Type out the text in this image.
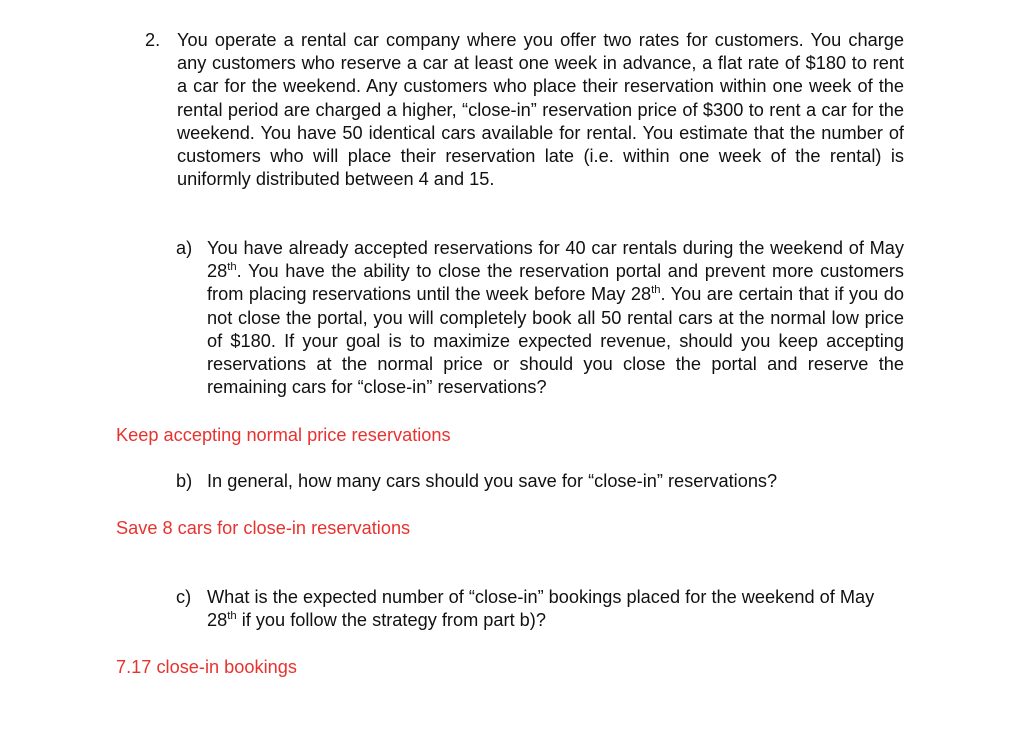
2. You operate a rental car company where you offer two rates for customers. You charge any customers who reserve a car at least one week in advance, a flat rate of $180 to rent a car for the weekend. Any customers who place their reservation within one week of the rental period are charged a higher, “close-in” reservation price of $300 to rent a car for the weekend. You have 50 identical cars available for rental. You estimate that the number of customers who will place their reservation late (i.e. within one week of the rental) is uniformly distributed between 4 and 15.
a) You have already accepted reservations for 40 car rentals during the weekend of May 28th. You have the ability to close the reservation portal and prevent more customers from placing reservations until the week before May 28th. You are certain that if you do not close the portal, you will completely book all 50 rental cars at the normal low price of $180. If your goal is to maximize expected revenue, should you keep accepting reservations at the normal price or should you close the portal and reserve the remaining cars for “close-in” reservations?
Keep accepting normal price reservations
b) In general, how many cars should you save for “close-in” reservations?
Save 8 cars for close-in reservations
c) What is the expected number of “close-in” bookings placed for the weekend of May 28th if you follow the strategy from part b)?
7.17 close-in bookings
